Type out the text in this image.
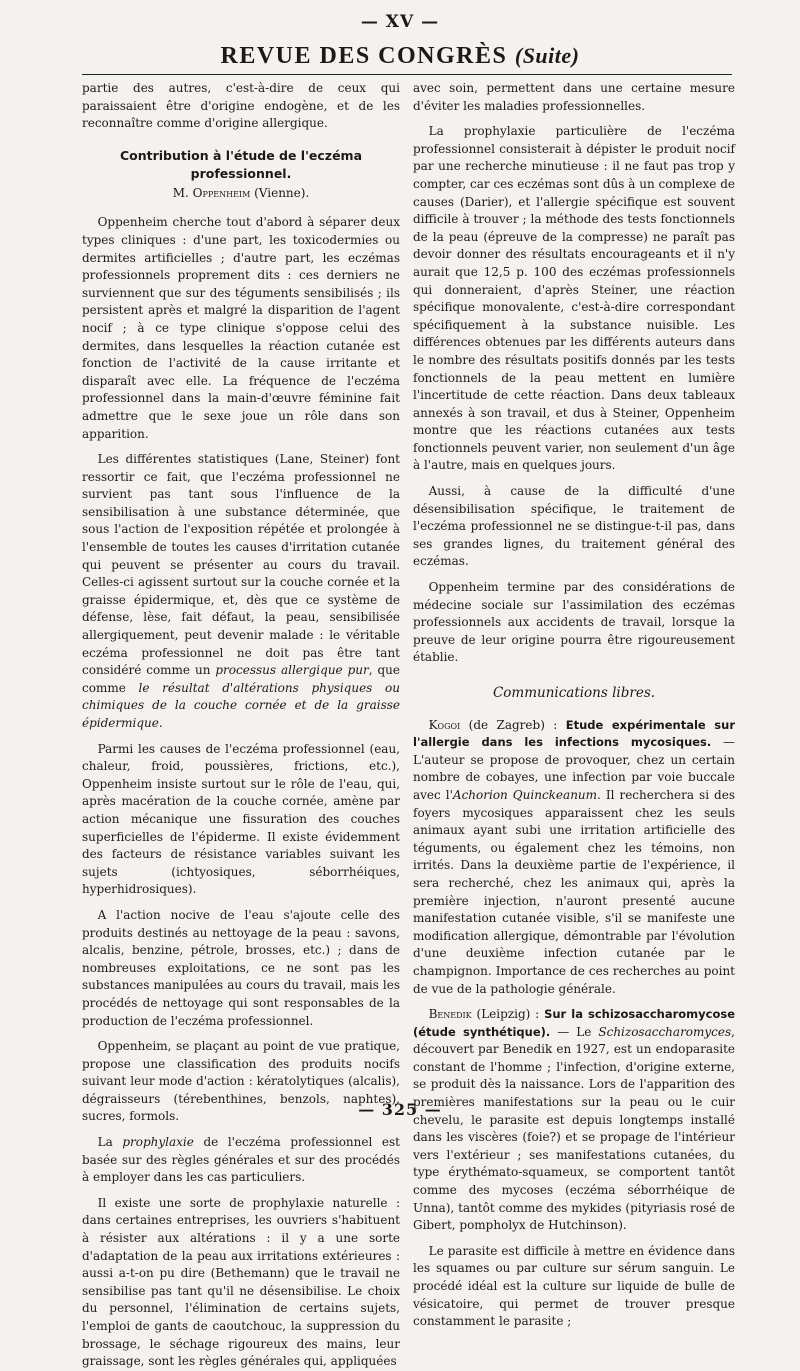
— XV —
REVUE DES CONGRÈS (Suite)

partie des autres, c'est-à-dire de ceux qui paraissaient être d'origine endogène, et de les reconnaître comme d'origine allergique.

Contribution à l'étude de l'eczéma professionnel.
M. Oppenheim (Vienne).

Oppenheim cherche tout d'abord à séparer deux types cliniques : d'une part, les toxicodermies ou dermites artificielles ; d'autre part, les eczémas professionnels proprement dits : ces derniers ne surviennent que sur des téguments sensibilisés ; ils persistent après et malgré la disparition de l'agent nocif ; à ce type clinique s'oppose celui des dermites, dans lesquelles la réaction cutanée est fonction de l'activité de la cause irritante et disparaît avec elle. La fréquence de l'eczéma professionnel dans la main-d'œuvre féminine fait admettre que le sexe joue un rôle dans son apparition.

Les différentes statistiques (Lane, Steiner) font ressortir ce fait, que l'eczéma professionnel ne survient pas tant sous l'influence de la sensibilisation à une substance déterminée, que sous l'action de l'exposition répétée et prolongée à l'ensemble de toutes les causes d'irritation cutanée qui peuvent se présenter au cours du travail. Celles-ci agissent surtout sur la couche cornée et la graisse épidermique, et, dès que ce système de défense, lèse, fait défaut, la peau, sensibilisée allergiquement, peut devenir malade : le véritable eczéma professionnel ne doit pas être tant considéré comme un processus allergique pur, que comme le résultat d'altérations physiques ou chimiques de la couche cornée et de la graisse épidermique.

Parmi les causes de l'eczéma professionnel (eau, chaleur, froid, poussières, frictions, etc.), Oppenheim insiste surtout sur le rôle de l'eau, qui, après macération de la couche cornée, amène par action mécanique une fissuration des couches superficielles de l'épiderme. Il existe évidemment des facteurs de résistance variables suivant les sujets (ichtyosiques, séborrhéiques, hyperhidrosiques).

A l'action nocive de l'eau s'ajoute celle des produits destinés au nettoyage de la peau : savons, alcalis, benzine, pétrole, brosses, etc.) ; dans de nombreuses exploitations, ce ne sont pas les substances manipulées au cours du travail, mais les procédés de nettoyage qui sont responsables de la production de l'eczéma professionnel.

Oppenheim, se plaçant au point de vue pratique, propose une classification des produits nocifs suivant leur mode d'action : kératolytiques (alcalis), dégraisseurs (térebenthines, benzols, naphtes), sucres, formols.

La prophylaxie de l'eczéma professionnel est basée sur des règles générales et sur des procédés à employer dans les cas particuliers.

Il existe une sorte de prophylaxie naturelle : dans certaines entreprises, les ouvriers s'habituent à résister aux altérations : il y a une sorte d'adaptation de la peau aux irritations extérieures : aussi a-t-on pu dire (Bethemann) que le travail ne sensibilise pas tant qu'il ne désensibilise. Le choix du personnel, l'élimination de certains sujets, l'emploi de gants de caoutchouc, la suppression du brossage, le séchage rigoureux des mains, leur graissage, sont les règles générales qui, appliquées

avec soin, permettent dans une certaine mesure d'éviter les maladies professionnelles.

La prophylaxie particulière de l'eczéma professionnel consisterait à dépister le produit nocif par une recherche minutieuse : il ne faut pas trop y compter, car ces eczémas sont dûs à un complexe de causes (Darier), et l'allergie spécifique est souvent difficile à trouver ; la méthode des tests fonctionnels de la peau (épreuve de la compresse) ne paraît pas devoir donner des résultats encourageants et il n'y aurait que 12,5 p. 100 des eczémas professionnels qui donneraient, d'après Steiner, une réaction spécifique monovalente, c'est-à-dire correspondant spécifiquement à la substance nuisible. Les différences obtenues par les différents auteurs dans le nombre des résultats positifs donnés par les tests fonctionnels de la peau mettent en lumière l'incertitude de cette réaction. Dans deux tableaux annexés à son travail, et dus à Steiner, Oppenheim montre que les réactions cutanées aux tests fonctionnels peuvent varier, non seulement d'un âge à l'autre, mais en quelques jours.

Aussi, à cause de la difficulté d'une désensibilisation spécifique, le traitement de l'eczéma professionnel ne se distingue-t-il pas, dans ses grandes lignes, du traitement général des eczémas.

Oppenheim termine par des considérations de médecine sociale sur l'assimilation des eczémas professionnels aux accidents de travail, lorsque la preuve de leur origine pourra être rigoureusement établie.

Communications libres.

Kogoi (de Zagreb) : Etude expérimentale sur l'allergie dans les infections mycosiques. — L'auteur se propose de provoquer, chez un certain nombre de cobayes, une infection par voie buccale avec l'Achorion Quinckeanum. Il recherchera si des foyers mycosiques apparaissent chez les seuls animaux ayant subi une irritation artificielle des téguments, ou également chez les témoins, non irrités. Dans la deuxième partie de l'expérience, il sera recherché, chez les animaux qui, après la première injection, n'auront presenté aucune manifestation cutanée visible, s'il se manifeste une modification allergique, démontrable par l'évolution d'une deuxième infection cutanée par le champignon. Importance de ces recherches au point de vue de la pathologie générale.

Benedik (Leipzig) : Sur la schizosaccharomycose (étude synthétique). — Le Schizosaccharomyces, découvert par Benedik en 1927, est un endoparasite constant de l'homme ; l'infection, d'origine externe, se produit dès la naissance. Lors de l'apparition des premières manifestations sur la peau ou le cuir chevelu, le parasite est depuis longtemps installé dans les viscères (foie?) et se propage de l'intérieur vers l'extérieur ; ses manifestations cutanées, du type érythémato-squameux, se comportent tantôt comme des mycoses (eczéma séborrhéique de Unna), tantôt comme des mykides (pityriasis rosé de Gibert, pompholyx de Hutchinson).

Le parasite est difficile à mettre en évidence dans les squames ou par culture sur sérum sanguin. Le procédé idéal est la culture sur liquide de bulle de vésicatoire, qui permet de trouver presque constamment le parasite ;

— 325 —
